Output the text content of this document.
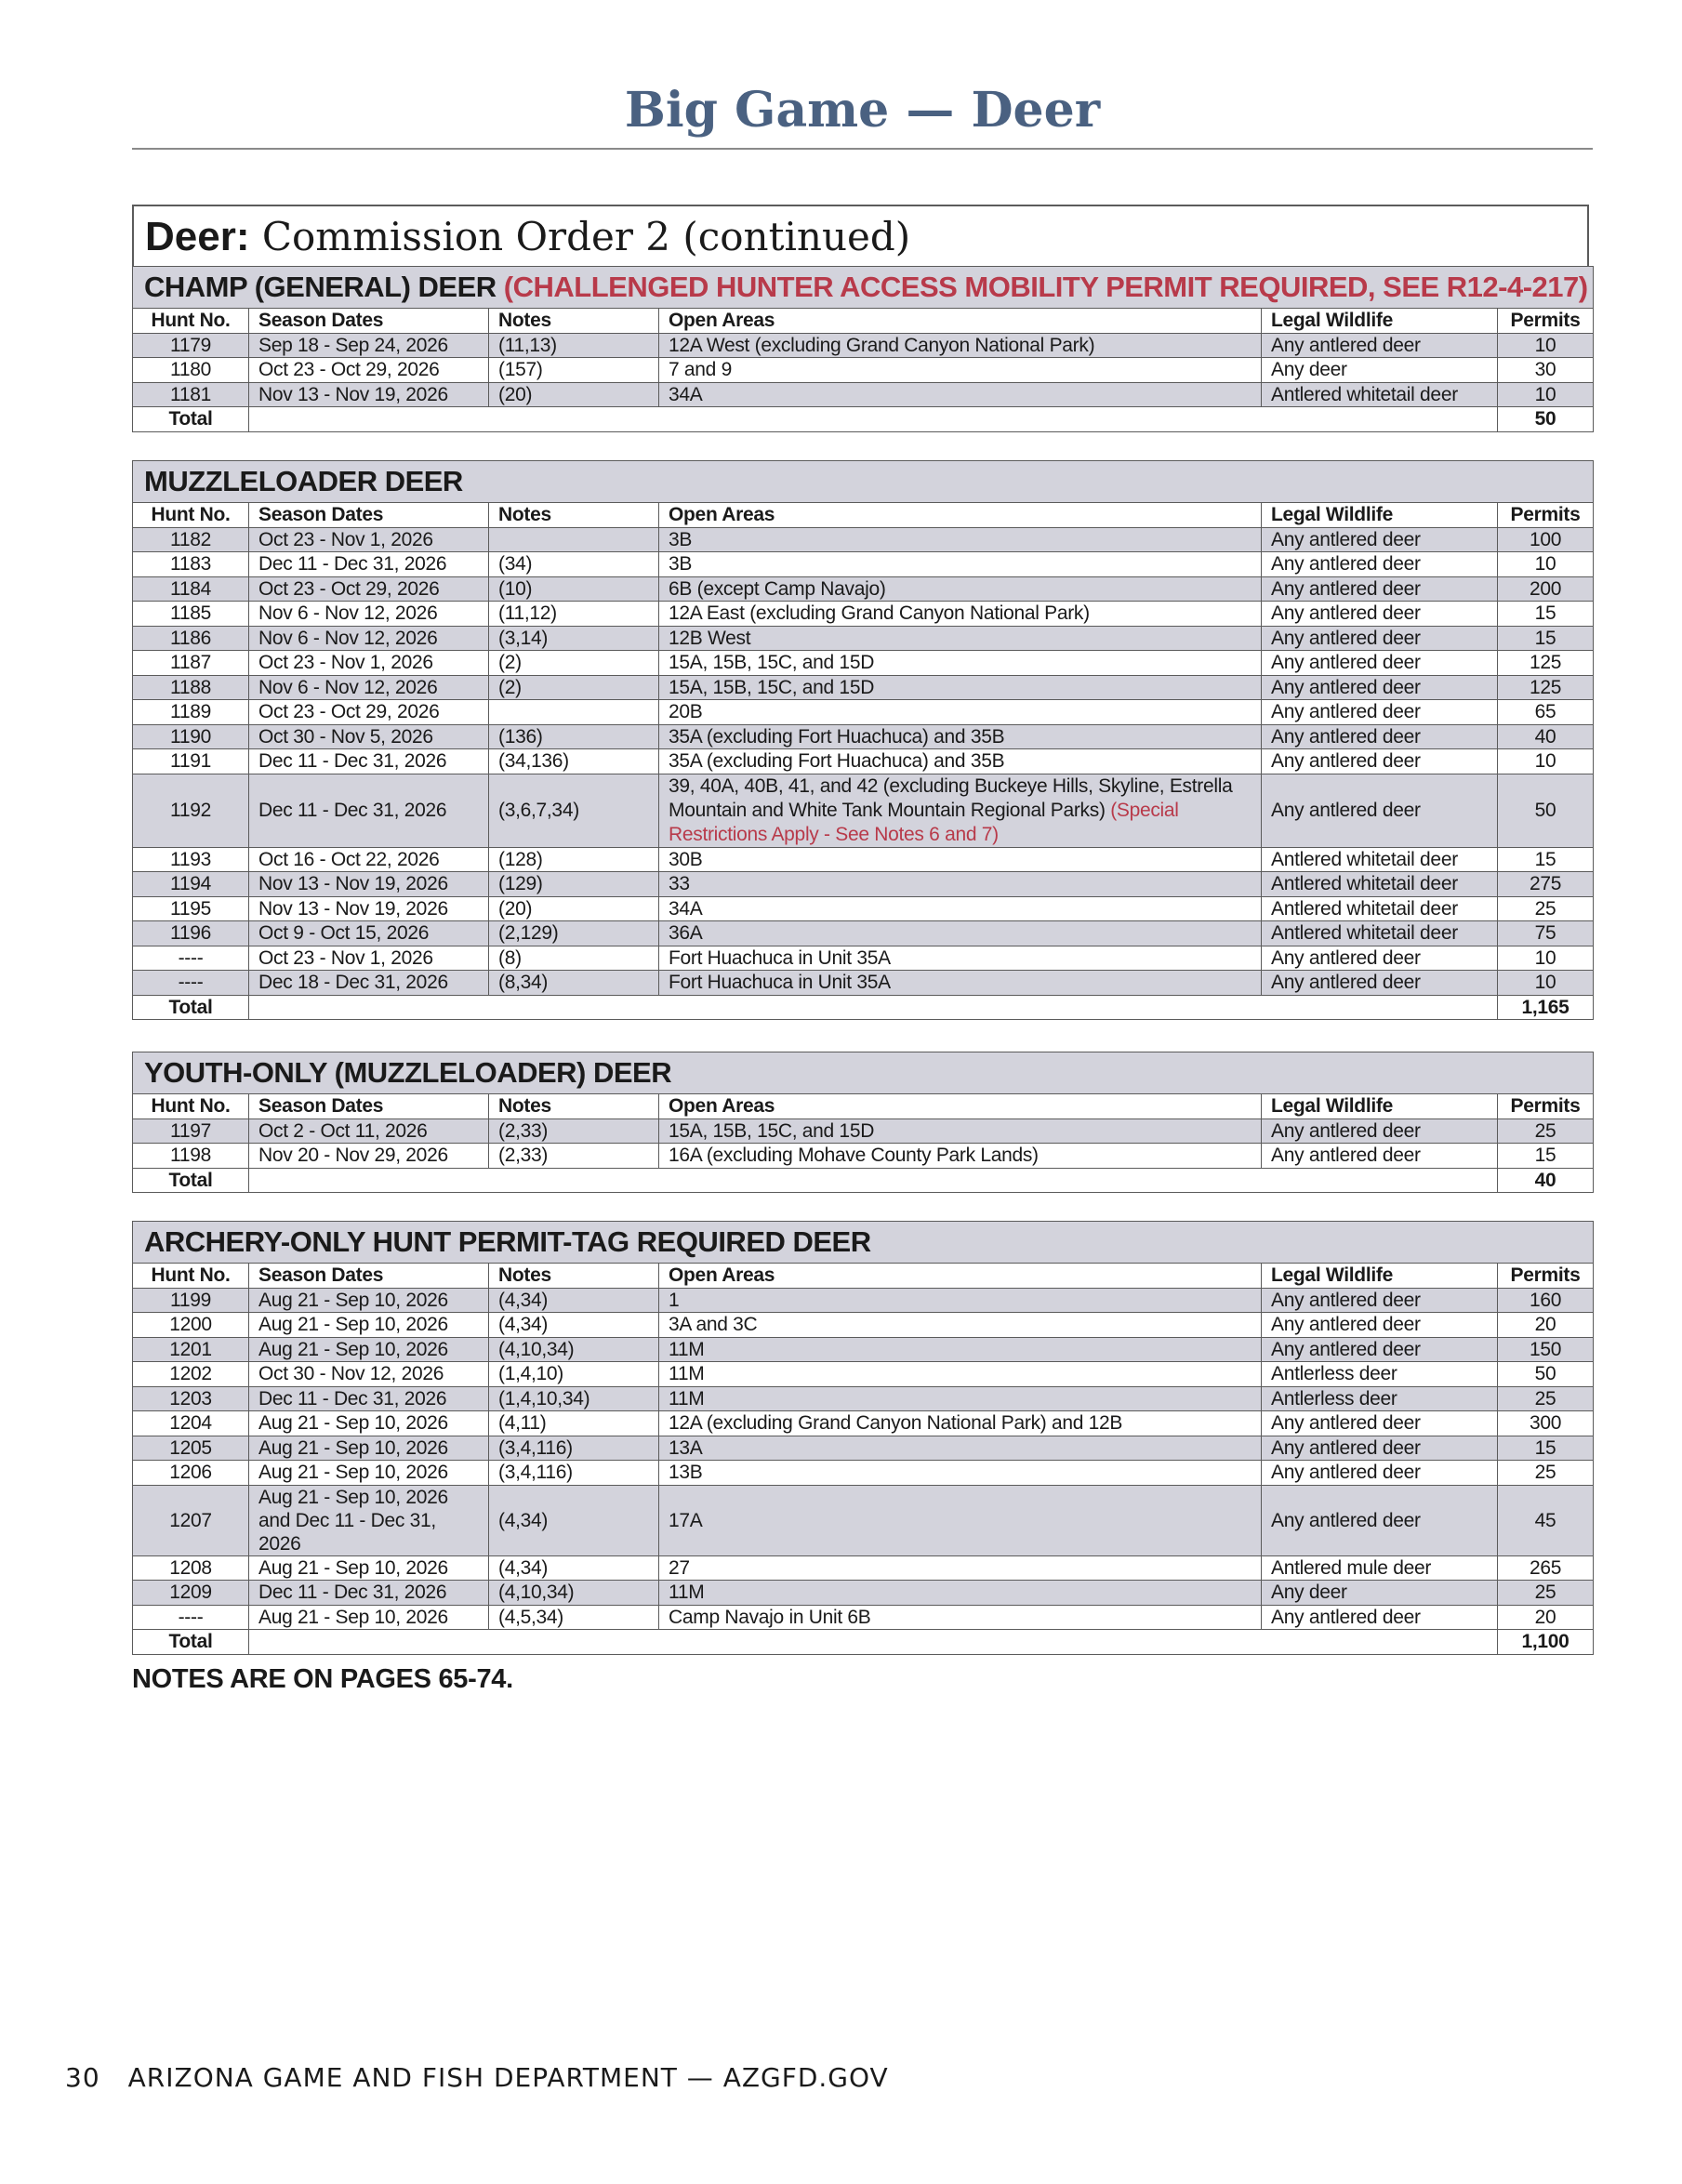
Big Game — Deer
Deer: Commission Order 2 (continued)
CHAMP (GENERAL) DEER (CHALLENGED HUNTER ACCESS MOBILITY PERMIT REQUIRED, SEE R12-4-217)					
Hunt No.	Season Dates	Notes	Open Areas	Legal Wildlife	Permits
1179	Sep 18 - Sep 24, 2026	(11,13)	12A West (excluding Grand Canyon National Park)	Any antlered deer	10
1180	Oct 23 - Oct 29, 2026	(157)	7 and 9	Any deer	30
1181	Nov 13 - Nov 19, 2026	(20)	34A	Antlered whitetail deer	10
Total					50
MUZZLELOADER DEER					
Hunt No.	Season Dates	Notes	Open Areas	Legal Wildlife	Permits
1182	Oct 23 - Nov 1, 2026		3B	Any antlered deer	100
1183	Dec 11 - Dec 31, 2026	(34)	3B	Any antlered deer	10
1184	Oct 23 - Oct 29, 2026	(10)	6B (except Camp Navajo)	Any antlered deer	200
1185	Nov 6 - Nov 12, 2026	(11,12)	12A East (excluding Grand Canyon National Park)	Any antlered deer	15
1186	Nov 6 - Nov 12, 2026	(3,14)	12B West	Any antlered deer	15
1187	Oct 23 - Nov 1, 2026	(2)	15A, 15B, 15C, and 15D	Any antlered deer	125
1188	Nov 6 - Nov 12, 2026	(2)	15A, 15B, 15C, and 15D	Any antlered deer	125
1189	Oct 23 - Oct 29, 2026		20B	Any antlered deer	65
1190	Oct 30 - Nov 5, 2026	(136)	35A (excluding Fort Huachuca) and 35B	Any antlered deer	40
1191	Dec 11 - Dec 31, 2026	(34,136)	35A (excluding Fort Huachuca) and 35B	Any antlered deer	10
1192	Dec 11 - Dec 31, 2026	(3,6,7,34)	39, 40A, 40B, 41, and 42 (excluding Buckeye Hills, Skyline, Estrella Mountain and White Tank Mountain Regional Parks) (Special Restrictions Apply - See Notes 6 and 7)	Any antlered deer	50
1193	Oct 16 - Oct 22, 2026	(128)	30B	Antlered whitetail deer	15
1194	Nov 13 - Nov 19, 2026	(129)	33	Antlered whitetail deer	275
1195	Nov 13 - Nov 19, 2026	(20)	34A	Antlered whitetail deer	25
1196	Oct 9 - Oct 15, 2026	(2,129)	36A	Antlered whitetail deer	75
----	Oct 23 - Nov 1, 2026	(8)	Fort Huachuca in Unit 35A	Any antlered deer	10
----	Dec 18 - Dec 31, 2026	(8,34)	Fort Huachuca in Unit 35A	Any antlered deer	10
Total					1,165
YOUTH-ONLY (MUZZLELOADER) DEER					
Hunt No.	Season Dates	Notes	Open Areas	Legal Wildlife	Permits
1197	Oct 2 - Oct 11, 2026	(2,33)	15A, 15B, 15C, and 15D	Any antlered deer	25
1198	Nov 20 - Nov 29, 2026	(2,33)	16A (excluding Mohave County Park Lands)	Any antlered deer	15
Total					40
ARCHERY-ONLY HUNT PERMIT-TAG REQUIRED DEER					
Hunt No.	Season Dates	Notes	Open Areas	Legal Wildlife	Permits
1199	Aug 21 - Sep 10, 2026	(4,34)	1	Any antlered deer	160
1200	Aug 21 - Sep 10, 2026	(4,34)	3A and 3C	Any antlered deer	20
1201	Aug 21 - Sep 10, 2026	(4,10,34)	11M	Any antlered deer	150
1202	Oct 30 - Nov 12, 2026	(1,4,10)	11M	Antlerless deer	50
1203	Dec 11 - Dec 31, 2026	(1,4,10,34)	11M	Antlerless deer	25
1204	Aug 21 - Sep 10, 2026	(4,11)	12A (excluding Grand Canyon National Park) and 12B	Any antlered deer	300
1205	Aug 21 - Sep 10, 2026	(3,4,116)	13A	Any antlered deer	15
1206	Aug 21 - Sep 10, 2026	(3,4,116)	13B	Any antlered deer	25
1207	Aug 21 - Sep 10, 2026 and Dec 11 - Dec 31, 2026	(4,34)	17A	Any antlered deer	45
1208	Aug 21 - Sep 10, 2026	(4,34)	27	Antlered mule deer	265
1209	Dec 11 - Dec 31, 2026	(4,10,34)	11M	Any deer	25
----	Aug 21 - Sep 10, 2026	(4,5,34)	Camp Navajo in Unit 6B	Any antlered deer	20
Total					1,100
NOTES ARE ON PAGES 65-74.
30 ARIZONA GAME AND FISH DEPARTMENT — AZGFD.GOV
